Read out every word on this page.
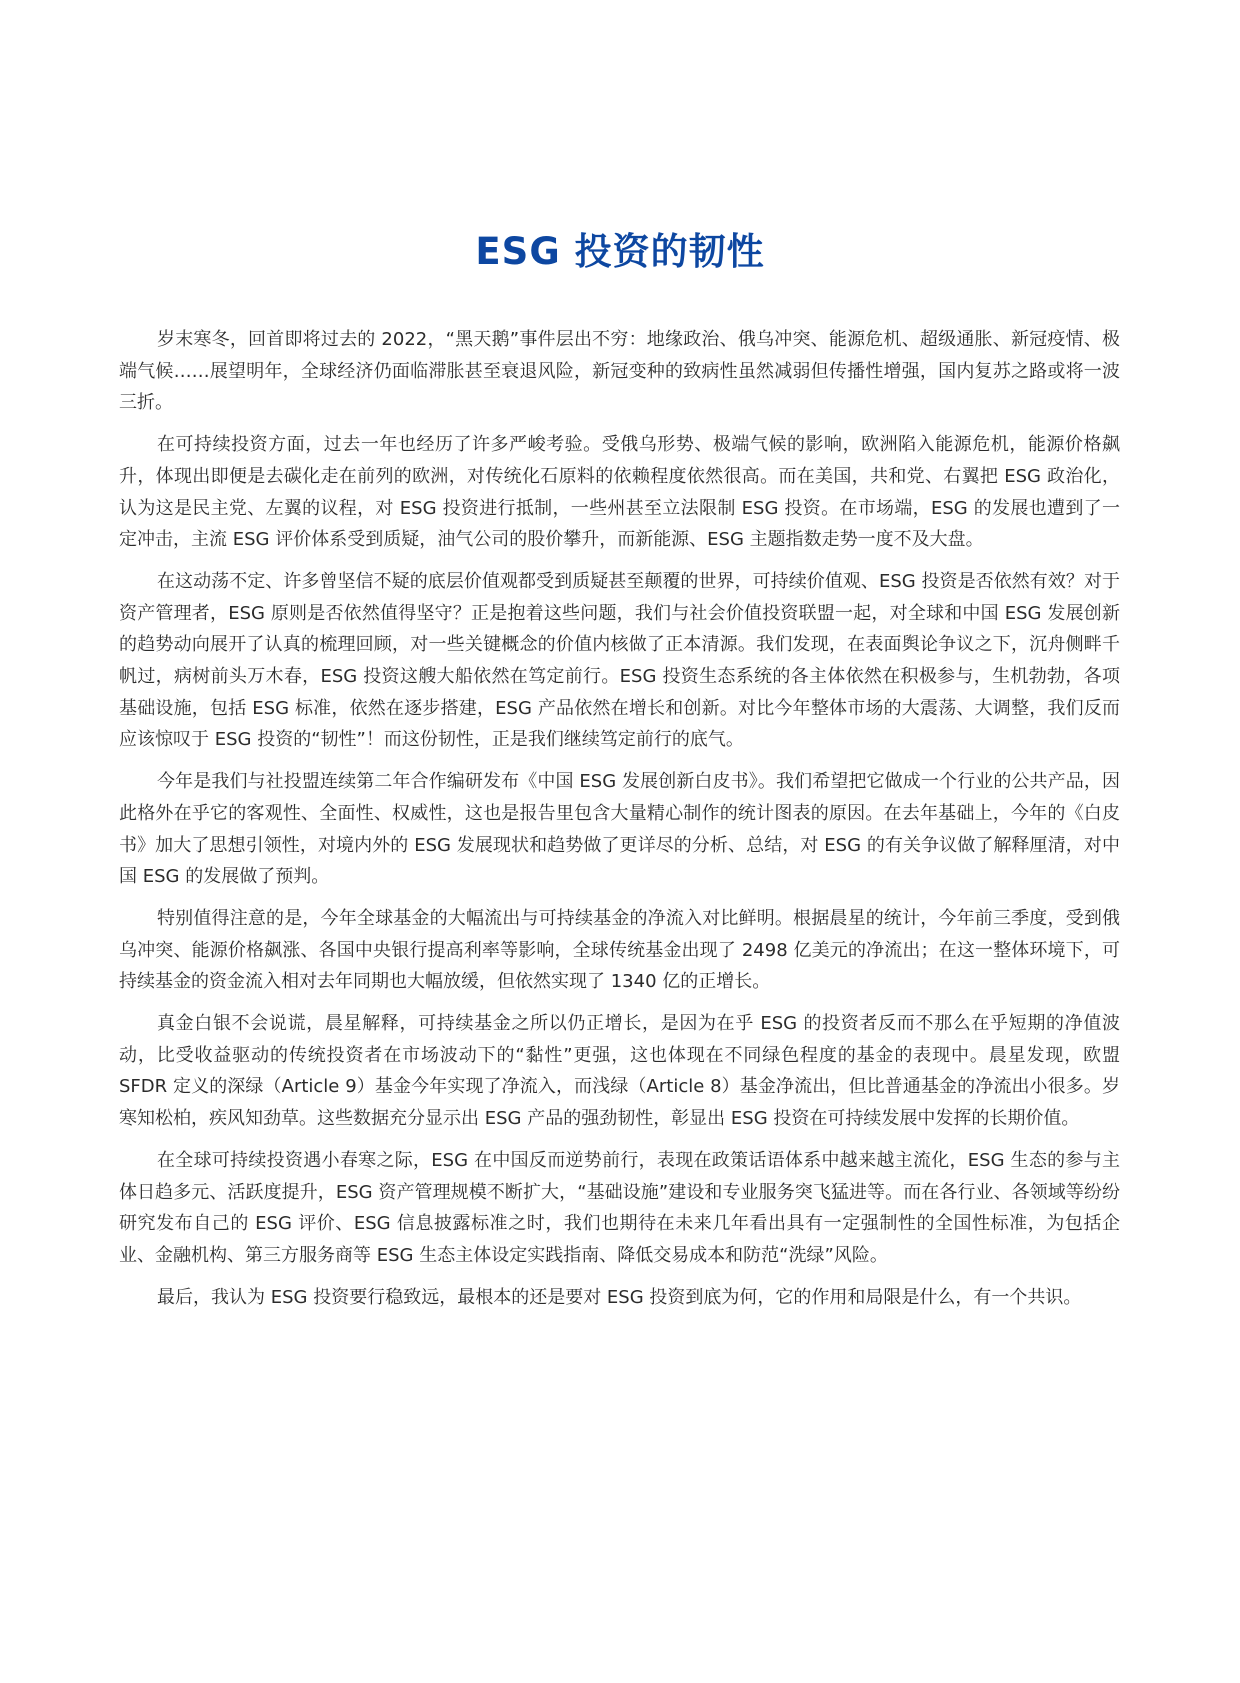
ESG 投资的韧性

岁末寒冬，回首即将过去的 2022，“黑天鹅”事件层出不穷：地缘政治、俄乌冲突、能源危机、超级通胀、新冠疫情、极端气候……展望明年，全球经济仍面临滞胀甚至衰退风险，新冠变种的致病性虽然减弱但传播性增强，国内复苏之路或将一波三折。

在可持续投资方面，过去一年也经历了许多严峻考验。受俄乌形势、极端气候的影响，欧洲陷入能源危机，能源价格飙升，体现出即便是去碳化走在前列的欧洲，对传统化石原料的依赖程度依然很高。而在美国，共和党、右翼把 ESG 政治化，认为这是民主党、左翼的议程，对 ESG 投资进行抵制，一些州甚至立法限制 ESG 投资。在市场端，ESG 的发展也遭到了一定冲击，主流 ESG 评价体系受到质疑，油气公司的股价攀升，而新能源、ESG 主题指数走势一度不及大盘。

在这动荡不定、许多曾坚信不疑的底层价值观都受到质疑甚至颠覆的世界，可持续价值观、ESG 投资是否依然有效？对于资产管理者，ESG 原则是否依然值得坚守？正是抱着这些问题，我们与社会价值投资联盟一起，对全球和中国 ESG 发展创新的趋势动向展开了认真的梳理回顾，对一些关键概念的价值内核做了正本清源。我们发现，在表面舆论争议之下，沉舟侧畔千帆过，病树前头万木春，ESG 投资这艘大船依然在笃定前行。ESG 投资生态系统的各主体依然在积极参与，生机勃勃，各项基础设施，包括 ESG 标准，依然在逐步搭建，ESG 产品依然在增长和创新。对比今年整体市场的大震荡、大调整，我们反而应该惊叹于 ESG 投资的“韧性”！而这份韧性，正是我们继续笃定前行的底气。

今年是我们与社投盟连续第二年合作编研发布《中国 ESG 发展创新白皮书》。我们希望把它做成一个行业的公共产品，因此格外在乎它的客观性、全面性、权威性，这也是报告里包含大量精心制作的统计图表的原因。在去年基础上，今年的《白皮书》加大了思想引领性，对境内外的 ESG 发展现状和趋势做了更详尽的分析、总结，对 ESG 的有关争议做了解释厘清，对中国 ESG 的发展做了预判。

特别值得注意的是，今年全球基金的大幅流出与可持续基金的净流入对比鲜明。根据晨星的统计，今年前三季度，受到俄乌冲突、能源价格飙涨、各国中央银行提高利率等影响，全球传统基金出现了 2498 亿美元的净流出；在这一整体环境下，可持续基金的资金流入相对去年同期也大幅放缓，但依然实现了 1340 亿的正增长。

真金白银不会说谎，晨星解释，可持续基金之所以仍正增长，是因为在乎 ESG 的投资者反而不那么在乎短期的净值波动，比受收益驱动的传统投资者在市场波动下的“黏性”更强，这也体现在不同绿色程度的基金的表现中。晨星发现，欧盟 SFDR 定义的深绿（Article 9）基金今年实现了净流入，而浅绿（Article 8）基金净流出，但比普通基金的净流出小很多。岁寒知松柏，疾风知劲草。这些数据充分显示出 ESG 产品的强劲韧性，彰显出 ESG 投资在可持续发展中发挥的长期价值。

在全球可持续投资遇小春寒之际，ESG 在中国反而逆势前行，表现在政策话语体系中越来越主流化，ESG 生态的参与主体日趋多元、活跃度提升，ESG 资产管理规模不断扩大，“基础设施”建设和专业服务突飞猛进等。而在各行业、各领域等纷纷研究发布自己的 ESG 评价、ESG 信息披露标准之时，我们也期待在未来几年看出具有一定强制性的全国性标准，为包括企业、金融机构、第三方服务商等 ESG 生态主体设定实践指南、降低交易成本和防范“洗绿”风险。

最后，我认为 ESG 投资要行稳致远，最根本的还是要对 ESG 投资到底为何，它的作用和局限是什么，有一个共识。
